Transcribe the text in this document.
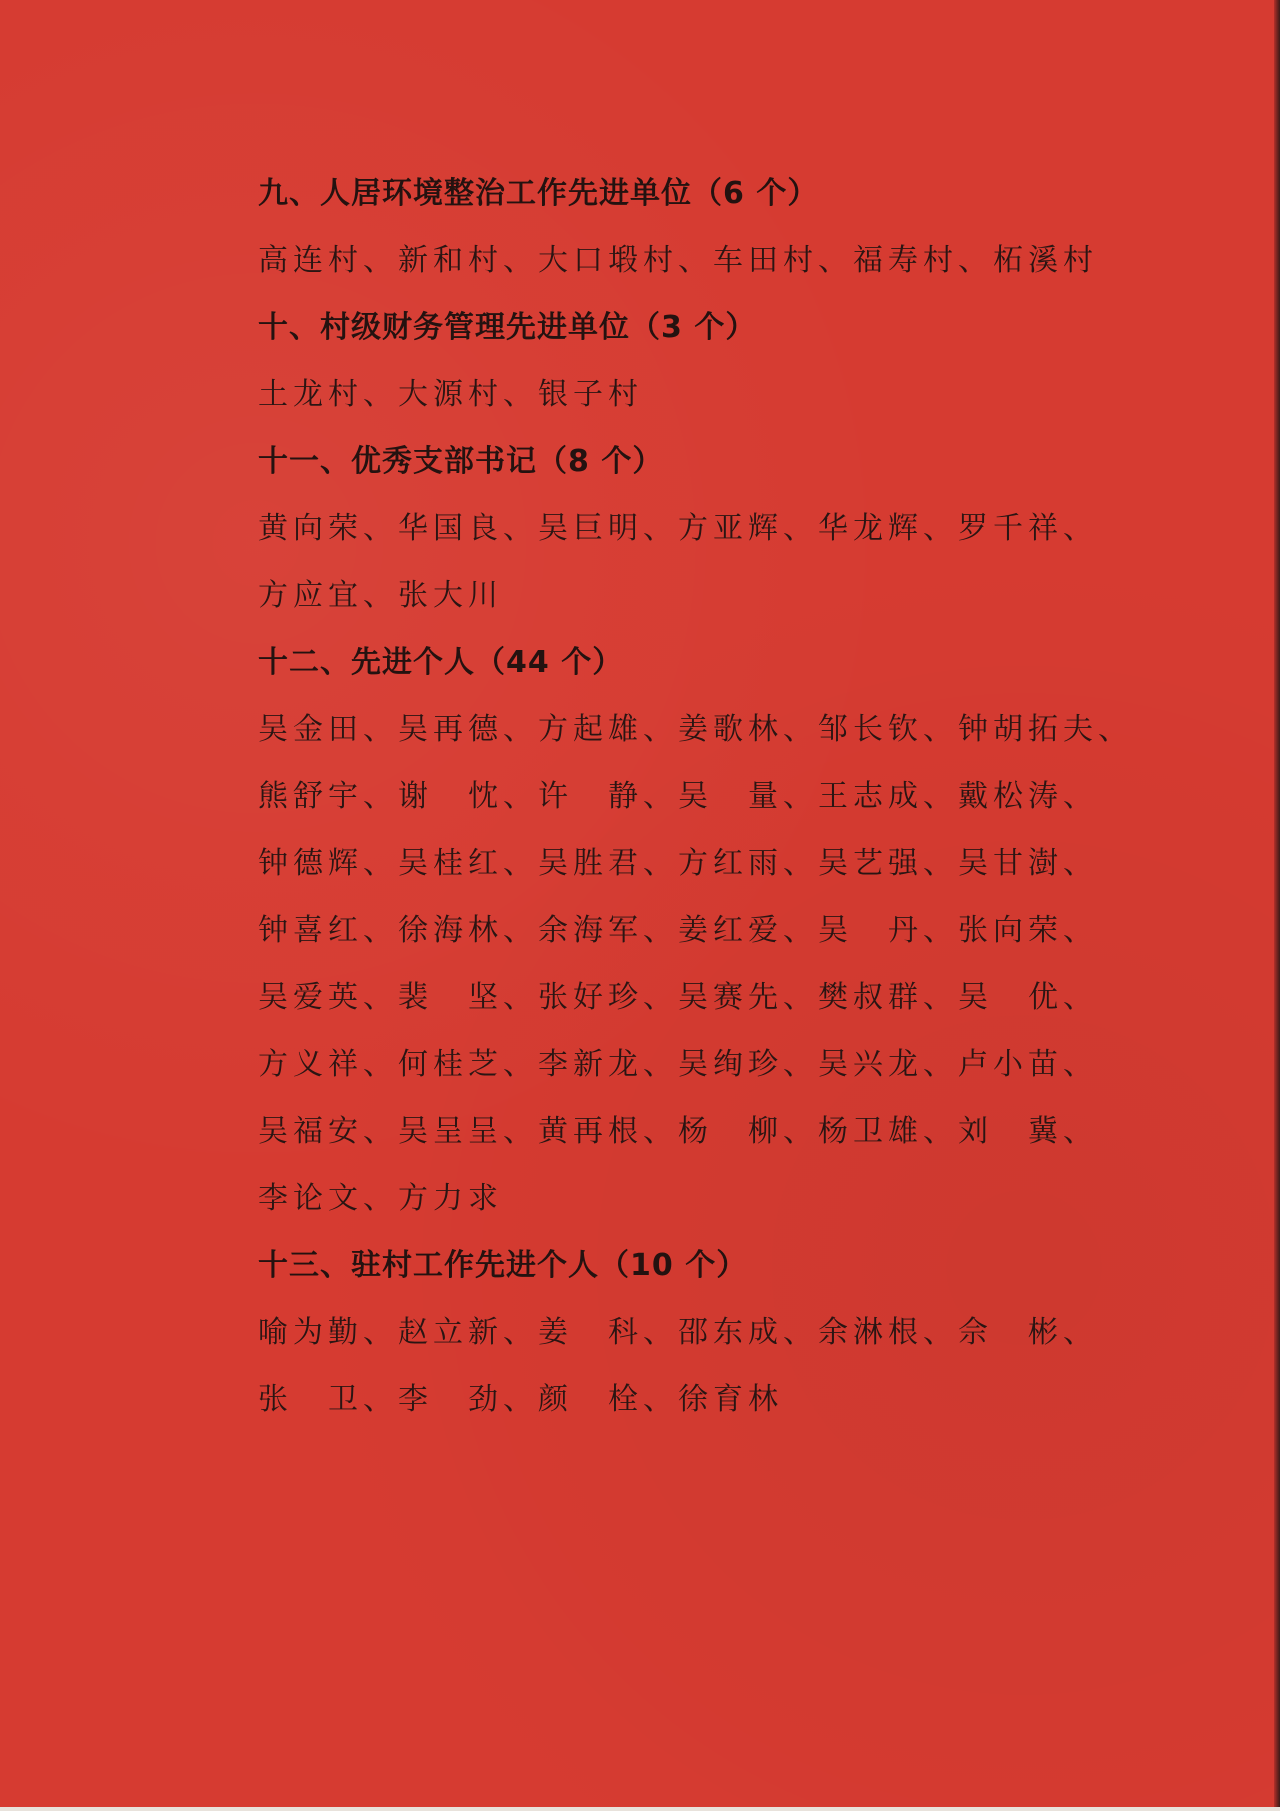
九、人居环境整治工作先进单位（6 个）
高连村、新和村、大口塅村、车田村、福寿村、柘溪村
十、村级财务管理先进单位（3 个）
土龙村、大源村、银子村
十一、优秀支部书记（8 个）
黄向荣、华国良、吴巨明、方亚辉、华龙辉、罗千祥、
方应宜、张大川
十二、先进个人（44 个）
吴金田、吴再德、方起雄、姜歌林、邹长钦、钟胡拓夫、
熊舒宇、谢　忱、许　静、吴　量、王志成、戴松涛、
钟德辉、吴桂红、吴胜君、方红雨、吴艺强、吴甘澍、
钟喜红、徐海林、余海军、姜红爱、吴　丹、张向荣、
吴爱英、裴　坚、张好珍、吴赛先、樊叔群、吴　优、
方义祥、何桂芝、李新龙、吴绚珍、吴兴龙、卢小苗、
吴福安、吴呈呈、黄再根、杨　柳、杨卫雄、刘　冀、
李论文、方力求
十三、驻村工作先进个人（10 个）
喻为勤、赵立新、姜　科、邵东成、余淋根、佘　彬、
张　卫、李　劲、颜　栓、徐育林
